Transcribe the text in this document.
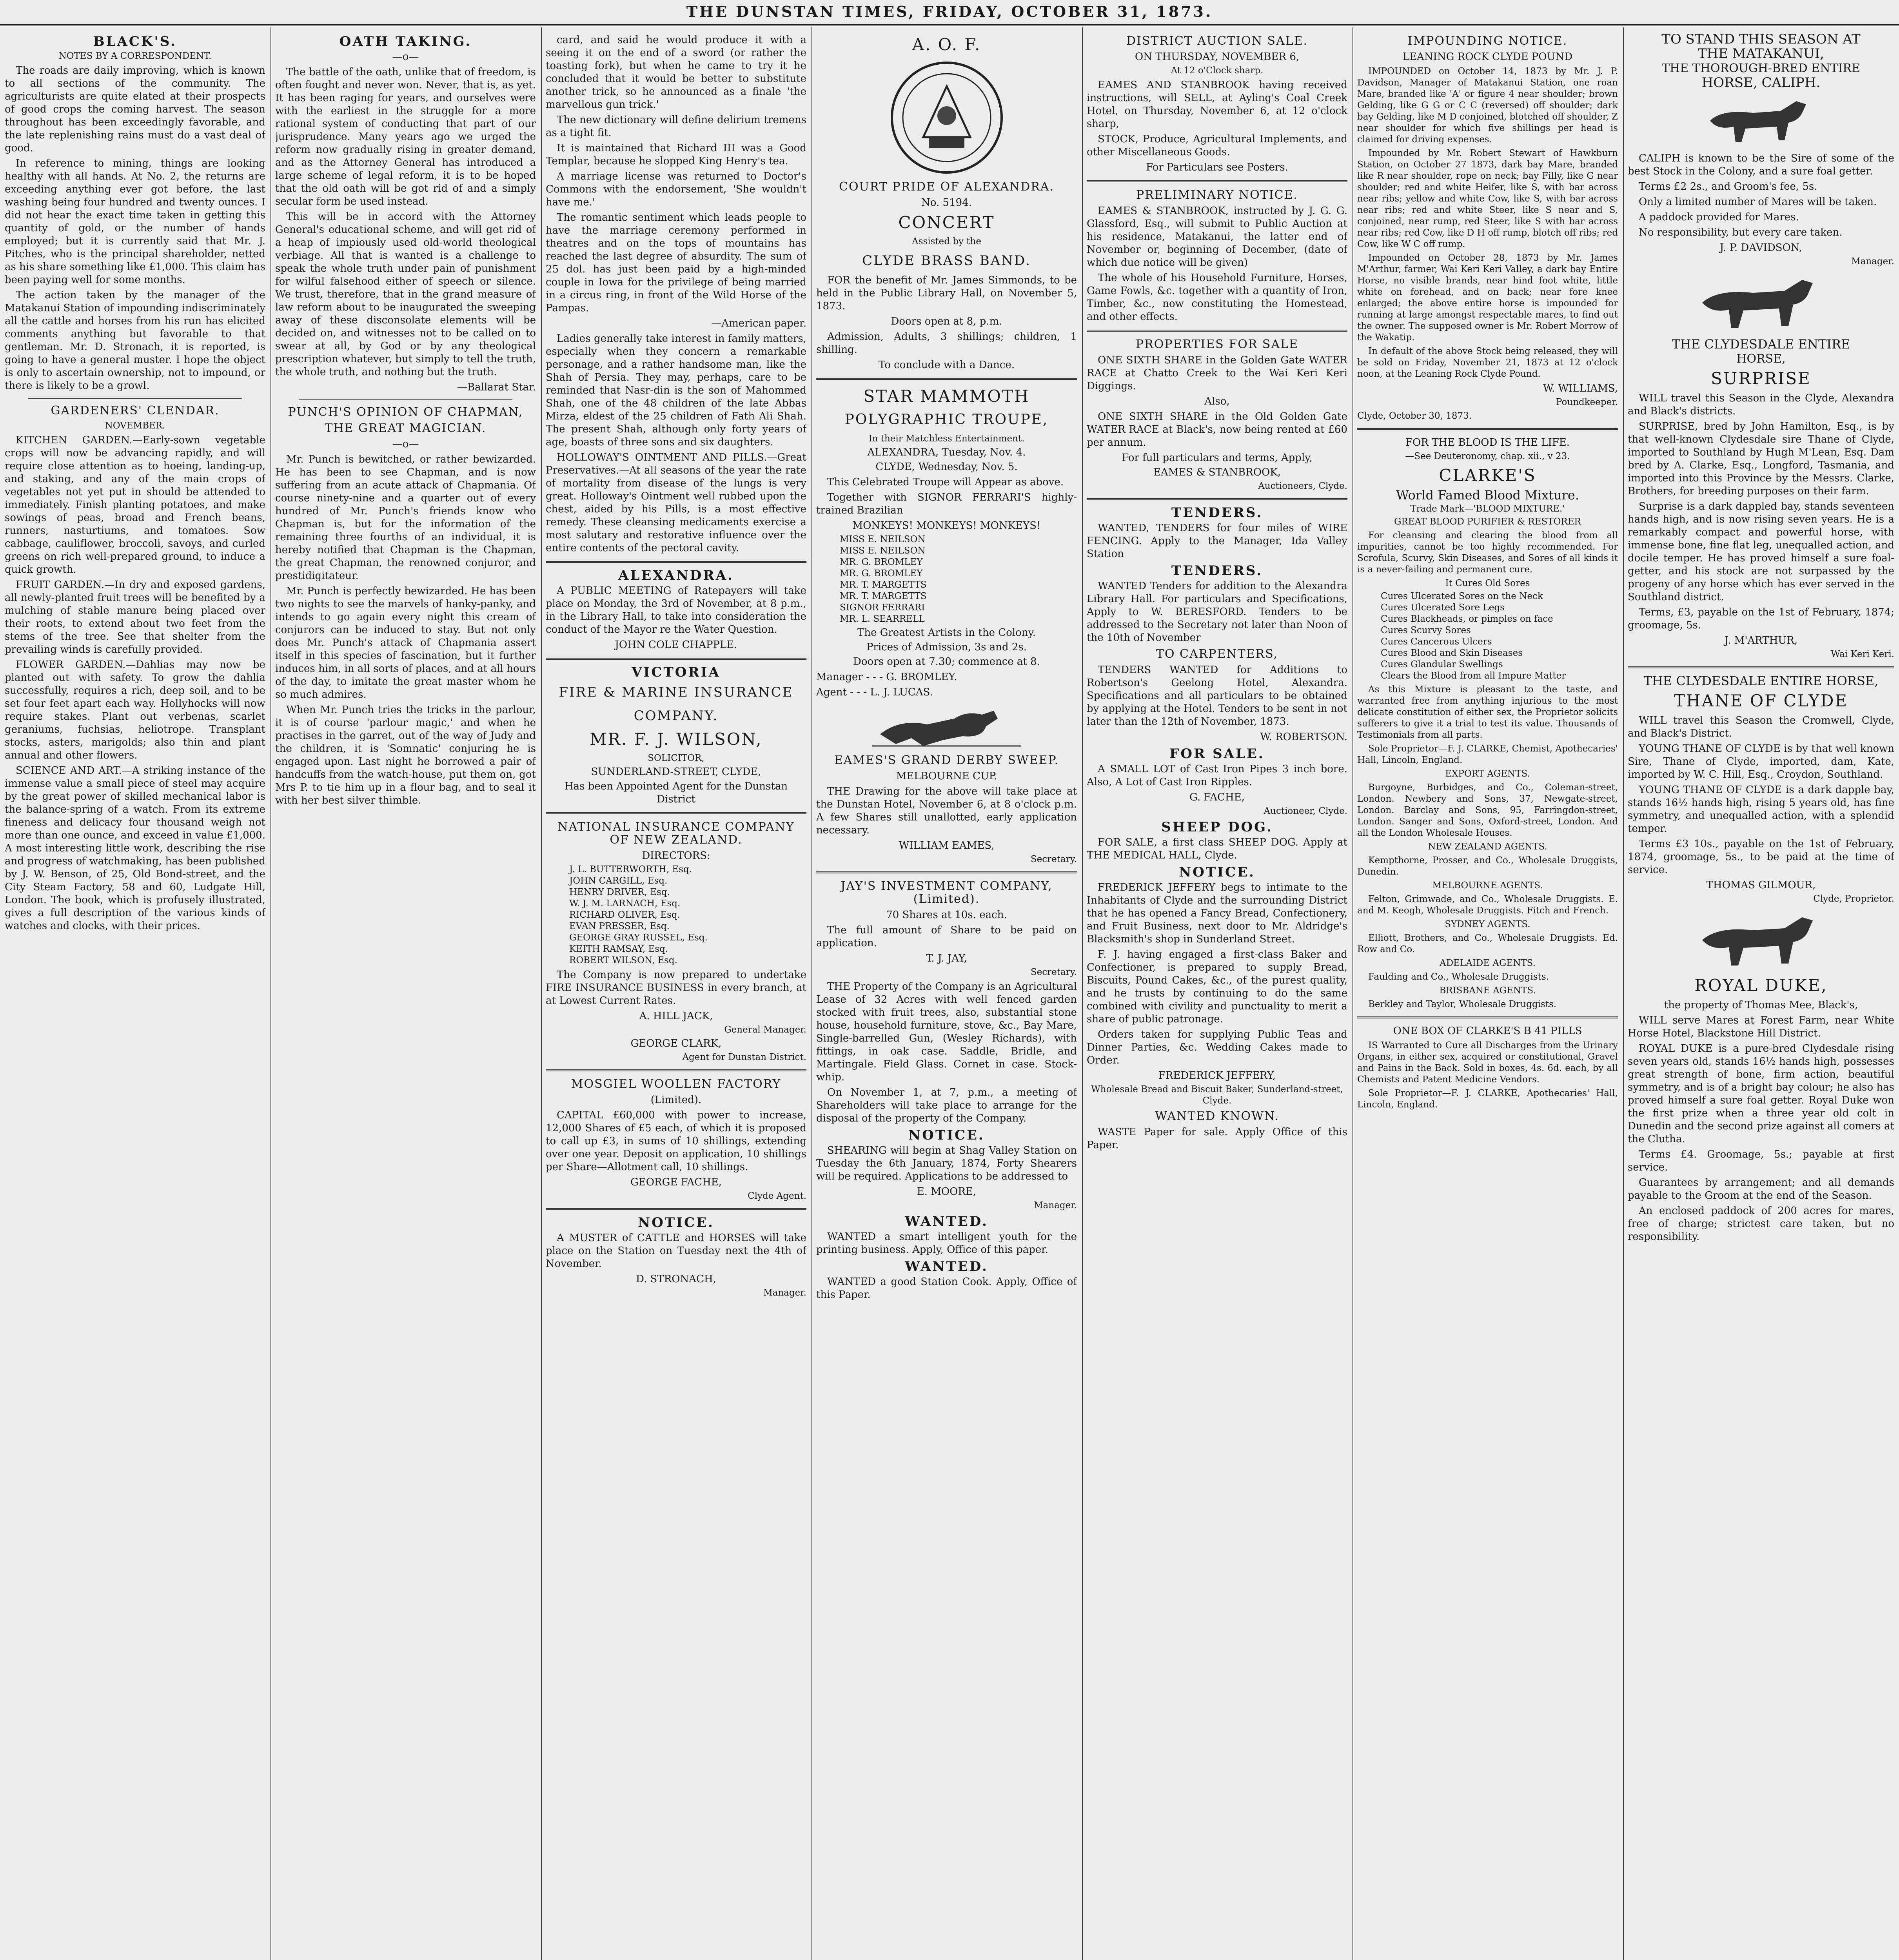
THE DUNSTAN TIMES, FRIDAY, OCTOBER 31, 1873.
BLACK'S.
NOTES BY A CORRESPONDENT.

The roads are daily improving, which is known to all sections of the community. The agriculturists are quite elated at their prospects of good crops the coming harvest. The season throughout has been exceedingly favorable, and the late replenishing rains must do a vast deal of good.

In reference to mining, things are looking healthy with all hands. At No. 2, the returns are exceeding anything ever got before, the last washing being four hundred and twenty ounces. I did not hear the exact time taken in getting this quantity of gold, or the number of hands employed; but it is currently said that Mr. J. Pitches, who is the principal shareholder, netted as his share something like £1,000. This claim has been paying well for some months.

The action taken by the manager of the Matakanui Station of impounding indiscriminately all the cattle and horses from his run has elicited comments anything but favorable to that gentleman. Mr. D. Stronach, it is reported, is going to have a general muster. I hope the object is only to ascertain ownership, not to impound, or there is likely to be a growl.

GARDENERS' CLENDAR.
NOVEMBER.

KITCHEN GARDEN.—Early-sown vegetable crops will now be advancing rapidly, and will require close attention as to hoeing, landing-up, and staking, and any of the main crops of vegetables not yet put in should be attended to immediately. Finish planting potatoes, and make sowings of peas, broad and French beans, runners, nasturtiums, and tomatoes. Sow cabbage, cauliflower, broccoli, savoys, and curled greens on rich well-prepared ground, to induce a quick growth.

FRUIT GARDEN.—In dry and exposed gardens, all newly-planted fruit trees will be benefited by a mulching of stable manure being placed over their roots, to extend about two feet from the stems of the tree. See that shelter from the prevailing winds is carefully provided.

FLOWER GARDEN.—Dahlias may now be planted out with safety. To grow the dahlia successfully, requires a rich, deep soil, and to be set four feet apart each way. Hollyhocks will now require stakes. Plant out verbenas, scarlet geraniums, fuchsias, heliotrope. Transplant stocks, asters, marigolds; also thin and plant annual and other flowers.

SCIENCE AND ART.—A striking instance of the immense value a small piece of steel may acquire by the great power of skilled mechanical labor is the balance-spring of a watch. From its extreme fineness and delicacy four thousand weigh not more than one ounce, and exceed in value £1,000. A most interesting little work, describing the rise and progress of watchmaking, has been published by J. W. Benson, of 25, Old Bond-street, and the City Steam Factory, 58 and 60, Ludgate Hill, London. The book, which is profusely illustrated, gives a full description of the various kinds of watches and clocks, with their prices.

OATH TAKING.
—o—

The battle of the oath, unlike that of freedom, is often fought and never won. Never, that is, as yet. It has been raging for years, and ourselves were with the earliest in the struggle for a more rational system of conducting that part of our jurisprudence. Many years ago we urged the reform now gradually rising in greater demand, and as the Attorney General has introduced a large scheme of legal reform, it is to be hoped that the old oath will be got rid of and a simply secular form be used instead.

This will be in accord with the Attorney General's educational scheme, and will get rid of a heap of impiously used old-world theological verbiage. All that is wanted is a challenge to speak the whole truth under pain of punishment for wilful falsehood either of speech or silence. We trust, therefore, that in the grand measure of law reform about to be inaugurated the sweeping away of these disconsolate elements will be decided on, and witnesses not to be called on to swear at all, by God or by any theological prescription whatever, but simply to tell the truth, the whole truth, and nothing but the truth.

—Ballarat Star.
PUNCH'S OPINION OF CHAPMAN,
THE GREAT MAGICIAN.
—o—

Mr. Punch is bewitched, or rather bewizarded. He has been to see Chapman, and is now suffering from an acute attack of Chapmania. Of course ninety-nine and a quarter out of every hundred of Mr. Punch's friends know who Chapman is, but for the information of the remaining three fourths of an individual, it is hereby notified that Chapman is the Chapman, the great Chapman, the renowned conjuror, and prestidigitateur.

Mr. Punch is perfectly bewizarded. He has been two nights to see the marvels of hanky-panky, and intends to go again every night this cream of conjurors can be induced to stay. But not only does Mr. Punch's attack of Chapmania assert itself in this species of fascination, but it further induces him, in all sorts of places, and at all hours of the day, to imitate the great master whom he so much admires.

When Mr. Punch tries the tricks in the parlour, it is of course 'parlour magic,' and when he practises in the garret, out of the way of Judy and the children, it is 'Somnatic' conjuring he is engaged upon. Last night he borrowed a pair of handcuffs from the watch-house, put them on, got Mrs P. to tie him up in a flour bag, and to seal it with her best silver thimble.

card, and said he would produce it with a seeing it on the end of a sword (or rather the toasting fork), but when he came to try it he concluded that it would be better to substitute another trick, so he announced as a finale 'the marvellous gun trick.'

The new dictionary will define delirium tremens as a tight fit.

It is maintained that Richard III was a Good Templar, because he slopped King Henry's tea.

A marriage license was returned to Doctor's Commons with the endorsement, 'She wouldn't have me.'

The romantic sentiment which leads people to have the marriage ceremony performed in theatres and on the tops of mountains has reached the last degree of absurdity. The sum of 25 dol. has just been paid by a high-minded couple in Iowa for the privilege of being married in a circus ring, in front of the Wild Horse of the Pampas.

—American paper.

Ladies generally take interest in family matters, especially when they concern a remarkable personage, and a rather handsome man, like the Shah of Persia. They may, perhaps, care to be reminded that Nasr-din is the son of Mahommed Shah, one of the 48 children of the late Abbas Mirza, eldest of the 25 children of Fath Ali Shah. The present Shah, although only forty years of age, boasts of three sons and six daughters.

HOLLOWAY'S OINTMENT AND PILLS.—Great Preservatives.—At all seasons of the year the rate of mortality from disease of the lungs is very great. Holloway's Ointment well rubbed upon the chest, aided by his Pills, is a most effective remedy. These cleansing medicaments exercise a most salutary and restorative influence over the entire contents of the pectoral cavity.

ALEXANDRA.

A PUBLIC MEETING of Ratepayers will take place on Monday, the 3rd of November, at 8 p.m., in the Library Hall, to take into consideration the conduct of the Mayor re the Water Question.

JOHN COLE CHAPPLE.
VICTORIA
FIRE & MARINE INSURANCE
COMPANY.
MR. F. J. WILSON,
SOLICITOR,
SUNDERLAND-STREET, CLYDE,
Has been Appointed Agent for the Dunstan District
NATIONAL INSURANCE COMPANY OF NEW ZEALAND.
DIRECTORS:
J. L. BUTTERWORTH, Esq.
JOHN CARGILL, Esq.
HENRY DRIVER, Esq.
W. J. M. LARNACH, Esq.
RICHARD OLIVER, Esq.
EVAN PRESSER, Esq.
GEORGE GRAY RUSSEL, Esq.
KEITH RAMSAY, Esq.
ROBERT WILSON, Esq.

The Company is now prepared to undertake FIRE INSURANCE BUSINESS in every branch, at at Lowest Current Rates.

A. HILL JACK,
General Manager.
GEORGE CLARK,
Agent for Dunstan District.
MOSGIEL WOOLLEN FACTORY
(Limited).

CAPITAL £60,000 with power to increase, 12,000 Shares of £5 each, of which it is proposed to call up £3, in sums of 10 shillings, extending over one year. Deposit on application, 10 shillings per Share—Allotment call, 10 shillings.

GEORGE FACHE,
Clyde Agent.
NOTICE.

A MUSTER of CATTLE and HORSES will take place on the Station on Tuesday next the 4th of November.

D. STRONACH,
Manager.
A. O. F.
COURT PRIDE OF ALEXANDRA.
No. 5194.
CONCERT
Assisted by the
CLYDE BRASS BAND.

FOR the benefit of Mr. James Simmonds, to be held in the Public Library Hall, on November 5, 1873.

Doors open at 8, p.m.

Admission, Adults, 3 shillings; children, 1 shilling.

To conclude with a Dance.
STAR MAMMOTH
POLYGRAPHIC TROUPE,
In their Matchless Entertainment.
ALEXANDRA, Tuesday, Nov. 4.
CLYDE, Wednesday, Nov. 5.

This Celebrated Troupe will Appear as above.

Together with SIGNOR FERRARI'S highly-trained Brazilian

MONKEYS! MONKEYS! MONKEYS!
MISS E. NEILSON
MISS E. NEILSON
MR. G. BROMLEY
MR. G. BROMLEY
MR. T. MARGETTS
MR. T. MARGETTS
SIGNOR FERRARI
MR. L. SEARRELL
The Greatest Artists in the Colony.
Prices of Admission, 3s and 2s.
Doors open at 7.30; commence at 8.
Manager - - - G. BROMLEY.
Agent - - - L. J. LUCAS.
EAMES'S GRAND DERBY SWEEP.
MELBOURNE CUP.

THE Drawing for the above will take place at the Dunstan Hotel, November 6, at 8 o'clock p.m. A few Shares still unallotted, early application necessary.

WILLIAM EAMES,
Secretary.
JAY'S INVESTMENT COMPANY, (Limited).
70 Shares at 10s. each.

The full amount of Share to be paid on application.

T. J. JAY,
Secretary.

THE Property of the Company is an Agricultural Lease of 32 Acres with well fenced garden stocked with fruit trees, also, substantial stone house, household furniture, stove, &c., Bay Mare, Single-barrelled Gun, (Wesley Richards), with fittings, in oak case. Saddle, Bridle, and Martingale. Field Glass. Cornet in case. Stock-whip.

On November 1, at 7, p.m., a meeting of Shareholders will take place to arrange for the disposal of the property of the Company.

NOTICE.

SHEARING will begin at Shag Valley Station on Tuesday the 6th January, 1874, Forty Shearers will be required. Applications to be addressed to

E. MOORE,
Manager.
WANTED.

WANTED a smart intelligent youth for the printing business. Apply, Office of this paper.

WANTED.

WANTED a good Station Cook. Apply, Office of this Paper.

DISTRICT AUCTION SALE.
ON THURSDAY, NOVEMBER 6,
At 12 o'Clock sharp.

EAMES AND STANBROOK having received instructions, will SELL, at Ayling's Coal Creek Hotel, on Thursday, November 6, at 12 o'clock sharp,

STOCK, Produce, Agricultural Implements, and other Miscellaneous Goods.

For Particulars see Posters.
PRELIMINARY NOTICE.

EAMES & STANBROOK, instructed by J. G. G. Glassford, Esq., will submit to Public Auction at his residence, Matakanui, the latter end of November or, beginning of December, (date of which due notice will be given)

The whole of his Household Furniture, Horses, Game Fowls, &c. together with a quantity of Iron, Timber, &c., now constituting the Homestead, and other effects.

PROPERTIES FOR SALE

ONE SIXTH SHARE in the Golden Gate WATER RACE at Chatto Creek to the Wai Keri Keri Diggings.

Also,

ONE SIXTH SHARE in the Old Golden Gate WATER RACE at Black's, now being rented at £60 per annum.

For full particulars and terms, Apply,
EAMES & STANBROOK,
Auctioneers, Clyde.
TENDERS.

WANTED, TENDERS for four miles of WIRE FENCING. Apply to the Manager, Ida Valley Station

TENDERS.

WANTED Tenders for addition to the Alexandra Library Hall. For particulars and Specifications, Apply to W. BERESFORD. Tenders to be addressed to the Secretary not later than Noon of the 10th of November

TO CARPENTERS,

TENDERS WANTED for Additions to Robertson's Geelong Hotel, Alexandra. Specifications and all particulars to be obtained by applying at the Hotel. Tenders to be sent in not later than the 12th of November, 1873.

W. ROBERTSON.
FOR SALE.

A SMALL LOT of Cast Iron Pipes 3 inch bore. Also, A Lot of Cast Iron Ripples.

G. FACHE,
Auctioneer, Clyde.
SHEEP DOG.

FOR SALE, a first class SHEEP DOG. Apply at THE MEDICAL HALL, Clyde.

NOTICE.

FREDERICK JEFFERY begs to intimate to the Inhabitants of Clyde and the surrounding District that he has opened a Fancy Bread, Confectionery, and Fruit Business, next door to Mr. Aldridge's Blacksmith's shop in Sunderland Street.

F. J. having engaged a first-class Baker and Confectioner, is prepared to supply Bread, Biscuits, Pound Cakes, &c., of the purest quality, and he trusts by continuing to do the same combined with civility and punctuality to merit a share of public patronage.

Orders taken for supplying Public Teas and Dinner Parties, &c. Wedding Cakes made to Order.

FREDERICK JEFFERY,
Wholesale Bread and Biscuit Baker, Sunderland-street, Clyde.
WANTED KNOWN.

WASTE Paper for sale. Apply Office of this Paper.

IMPOUNDING NOTICE.
LEANING ROCK CLYDE POUND

IMPOUNDED on October 14, 1873 by Mr. J. P. Davidson, Manager of Matakanui Station, one roan Mare, branded like 'A' or figure 4 near shoulder; brown Gelding, like G G or C C (reversed) off shoulder; dark bay Gelding, like M D conjoined, blotched off shoulder, Z near shoulder for which five shillings per head is claimed for driving expenses.

Impounded by Mr. Robert Stewart of Hawkburn Station, on October 27 1873, dark bay Mare, branded like R near shoulder, rope on neck; bay Filly, like G near shoulder; red and white Heifer, like S, with bar across near ribs; yellow and white Cow, like S, with bar across near ribs; red and white Steer, like S near and S, conjoined, near rump, red Steer, like S with bar across near ribs; red Cow, like D H off rump, blotch off ribs; red Cow, like W C off rump.

Impounded on October 28, 1873 by Mr. James M'Arthur, farmer, Wai Keri Keri Valley, a dark bay Entire Horse, no visible brands, near hind foot white, little white on forehead, and on back; near fore knee enlarged; the above entire horse is impounded for running at large amongst respectable mares, to find out the owner. The supposed owner is Mr. Robert Morrow of the Wakatip.

In default of the above Stock being released, they will be sold on Friday, November 21, 1873 at 12 o'clock noon, at the Leaning Rock Clyde Pound.

W. WILLIAMS,
Poundkeeper.
Clyde, October 30, 1873.
FOR THE BLOOD IS THE LIFE.
—See Deuteronomy, chap. xii., v 23.
CLARKE'S
World Famed Blood Mixture.
Trade Mark—'BLOOD MIXTURE.'
GREAT BLOOD PURIFIER & RESTORER

For cleansing and clearing the blood from all impurities, cannot be too highly recommended. For Scrofula, Scurvy, Skin Diseases, and Sores of all kinds it is a never-failing and permanent cure.

It Cures Old Sores
Cures Ulcerated Sores on the Neck
Cures Ulcerated Sore Legs
Cures Blackheads, or pimples on face
Cures Scurvy Sores
Cures Cancerous Ulcers
Cures Blood and Skin Diseases
Cures Glandular Swellings
Clears the Blood from all Impure Matter

As this Mixture is pleasant to the taste, and warranted free from anything injurious to the most delicate constitution of either sex, the Proprietor solicits sufferers to give it a trial to test its value. Thousands of Testimonials from all parts.

Sole Proprietor—F. J. CLARKE, Chemist, Apothecaries' Hall, Lincoln, England.

EXPORT AGENTS.

Burgoyne, Burbidges, and Co., Coleman-street, London. Newbery and Sons, 37, Newgate-street, London. Barclay and Sons, 95, Farringdon-street, London. Sanger and Sons, Oxford-street, London. And all the London Wholesale Houses.

NEW ZEALAND AGENTS.

Kempthorne, Prosser, and Co., Wholesale Druggists, Dunedin.

MELBOURNE AGENTS.

Felton, Grimwade, and Co., Wholesale Druggists. E. and M. Keogh, Wholesale Druggists. Fitch and French.

SYDNEY AGENTS.

Elliott, Brothers, and Co., Wholesale Druggists. Ed. Row and Co.

ADELAIDE AGENTS.

Faulding and Co., Wholesale Druggists.

BRISBANE AGENTS.

Berkley and Taylor, Wholesale Druggists.

ONE BOX OF CLARKE'S B 41 PILLS

IS Warranted to Cure all Discharges from the Urinary Organs, in either sex, acquired or constitutional, Gravel and Pains in the Back. Sold in boxes, 4s. 6d. each, by all Chemists and Patent Medicine Vendors.

Sole Proprietor—F. J. CLARKE, Apothecaries' Hall, Lincoln, England.

TO STAND THIS SEASON AT
THE MATAKANUI,
THE THOROUGH-BRED ENTIRE
HORSE, CALIPH.

CALIPH is known to be the Sire of some of the best Stock in the Colony, and a sure foal getter.

Terms £2 2s., and Groom's fee, 5s.

Only a limited number of Mares will be taken.

A paddock provided for Mares.

No responsibility, but every care taken.

J. P. DAVIDSON,
Manager.
THE CLYDESDALE ENTIRE
HORSE,
SURPRISE

WILL travel this Season in the Clyde, Alexandra and Black's districts.

SURPRISE, bred by John Hamilton, Esq., is by that well-known Clydesdale sire Thane of Clyde, imported to Southland by Hugh M'Lean, Esq. Dam bred by A. Clarke, Esq., Longford, Tasmania, and imported into this Province by the Messrs. Clarke, Brothers, for breeding purposes on their farm.

Surprise is a dark dappled bay, stands seventeen hands high, and is now rising seven years. He is a remarkably compact and powerful horse, with immense bone, fine flat leg, unequalled action, and docile temper. He has proved himself a sure foal-getter, and his stock are not surpassed by the progeny of any horse which has ever served in the Southland district.

Terms, £3, payable on the 1st of February, 1874; groomage, 5s.

J. M'ARTHUR,
Wai Keri Keri.
THE CLYDESDALE ENTIRE HORSE,
THANE OF CLYDE

WILL travel this Season the Cromwell, Clyde, and Black's District.

YOUNG THANE OF CLYDE is by that well known Sire, Thane of Clyde, imported, dam, Kate, imported by W. C. Hill, Esq., Croydon, Southland.

YOUNG THANE OF CLYDE is a dark dapple bay, stands 16½ hands high, rising 5 years old, has fine symmetry, and unequalled action, with a splendid temper.

Terms £3 10s., payable on the 1st of February, 1874, groomage, 5s., to be paid at the time of service.

THOMAS GILMOUR,
Clyde, Proprietor.
ROYAL DUKE,
the property of Thomas Mee, Black's,

WILL serve Mares at Forest Farm, near White Horse Hotel, Blackstone Hill District.

ROYAL DUKE is a pure-bred Clydesdale rising seven years old, stands 16½ hands high, possesses great strength of bone, firm action, beautiful symmetry, and is of a bright bay colour; he also has proved himself a sure foal getter. Royal Duke won the first prize when a three year old colt in Dunedin and the second prize against all comers at the Clutha.

Terms £4. Groomage, 5s.; payable at first service.

Guarantees by arrangement; and all demands payable to the Groom at the end of the Season.

An enclosed paddock of 200 acres for mares, free of charge; strictest care taken, but no responsibility.
